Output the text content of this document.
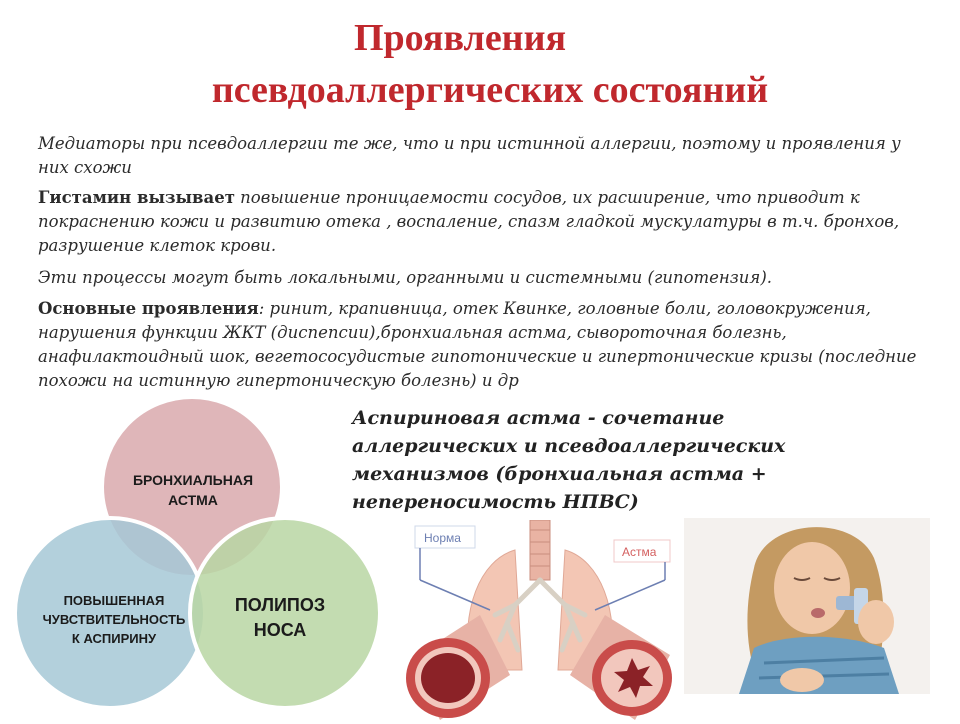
Проявления
псевдоаллергических состояний
Медиаторы при псевдоаллергии те же, что и при истинной аллергии, поэтому и проявления у них схожи
Гистамин вызывает повышение проницаемости сосудов, их расширение, что приводит к покраснению кожи и развитию отека , воспаление, спазм гладкой мускулатуры в т.ч. бронхов, разрушение клеток крови.
Эти процессы могут быть локальными, органными и системными (гипотензия).
Основные проявления: ринит, крапивница, отек Квинке, головные боли, головокружения, нарушения функции ЖКТ (диспепсии),бронхиальная астма, сывороточная болезнь, анафилактоидный шок, вегетососудистые гипотонические и гипертонические кризы (последние похожи на истинную гипертоническую болезнь) и др
Аспириновая астма - сочетание аллергических и псевдоаллергических механизмов (бронхиальная астма + непереносимость НПВС)
БРОНХИАЛЬНАЯ
АСТМА
ПОВЫШЕННАЯ
ЧУВСТВИТЕЛЬНОСТЬ
К АСПИРИНУ
ПОЛИПОЗ
НОСА
Норма
Астма
